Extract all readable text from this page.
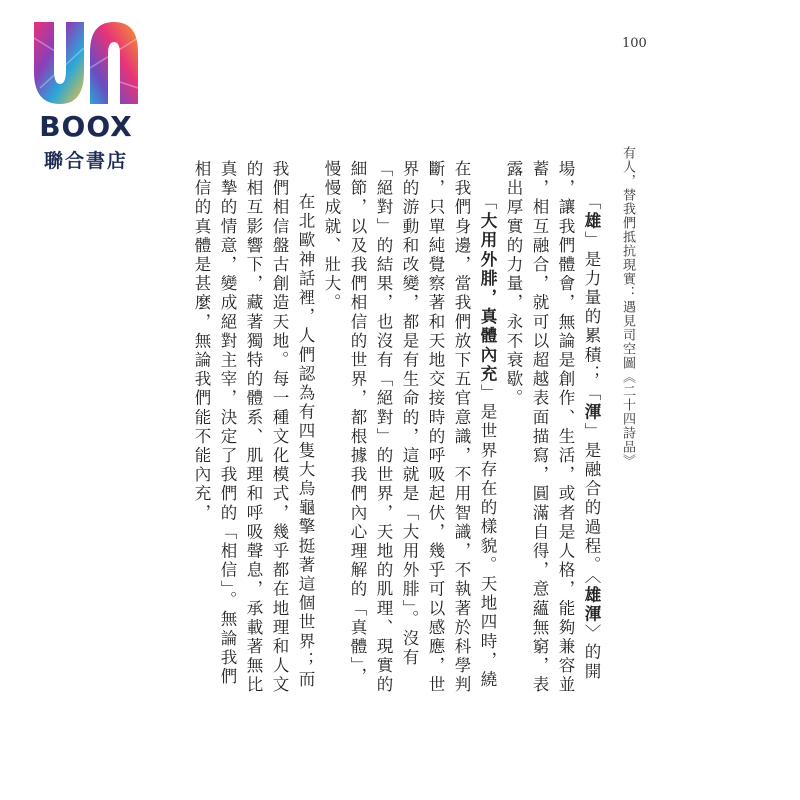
BOOX
聯合書店
100
有人，替我們抵抗現實：遇見司空圖《二十四詩品》

「雄」是力量的累積；「渾」是融合的過程。〈雄渾〉的開場，讓我們體會，無論是創作、生活，或者是人格，能夠兼容並蓄，相互融合，就可以超越表面描寫，圓滿自得，意蘊無窮，表露出厚實的力量，永不衰歇。

「大用外腓，真體內充」是世界存在的樣貌。天地四時，繞在我們身邊，當我們放下五官意識，不用智識，不執著於科學判斷，只單純覺察著和天地交接時的呼吸起伏，幾乎可以感應，世界的游動和改變，都是有生命的，這就是「大用外腓」。沒有「絕對」的結果，也沒有「絕對」的世界，天地的肌理、現實的細節，以及我們相信的世界，都根據我們內心理解的「真體」，慢慢成就、壯大。

在北歐神話裡，人們認為有四隻大烏龜擎挺著這個世界；而我們相信盤古創造天地。每一種文化模式，幾乎都在地理和人文的相互影響下，藏著獨特的體系、肌理和呼吸聲息，承載著無比真摯的情意，變成絕對主宰，決定了我們的「相信」。無論我們相信的真體是甚麼，無論我們能不能內充，
